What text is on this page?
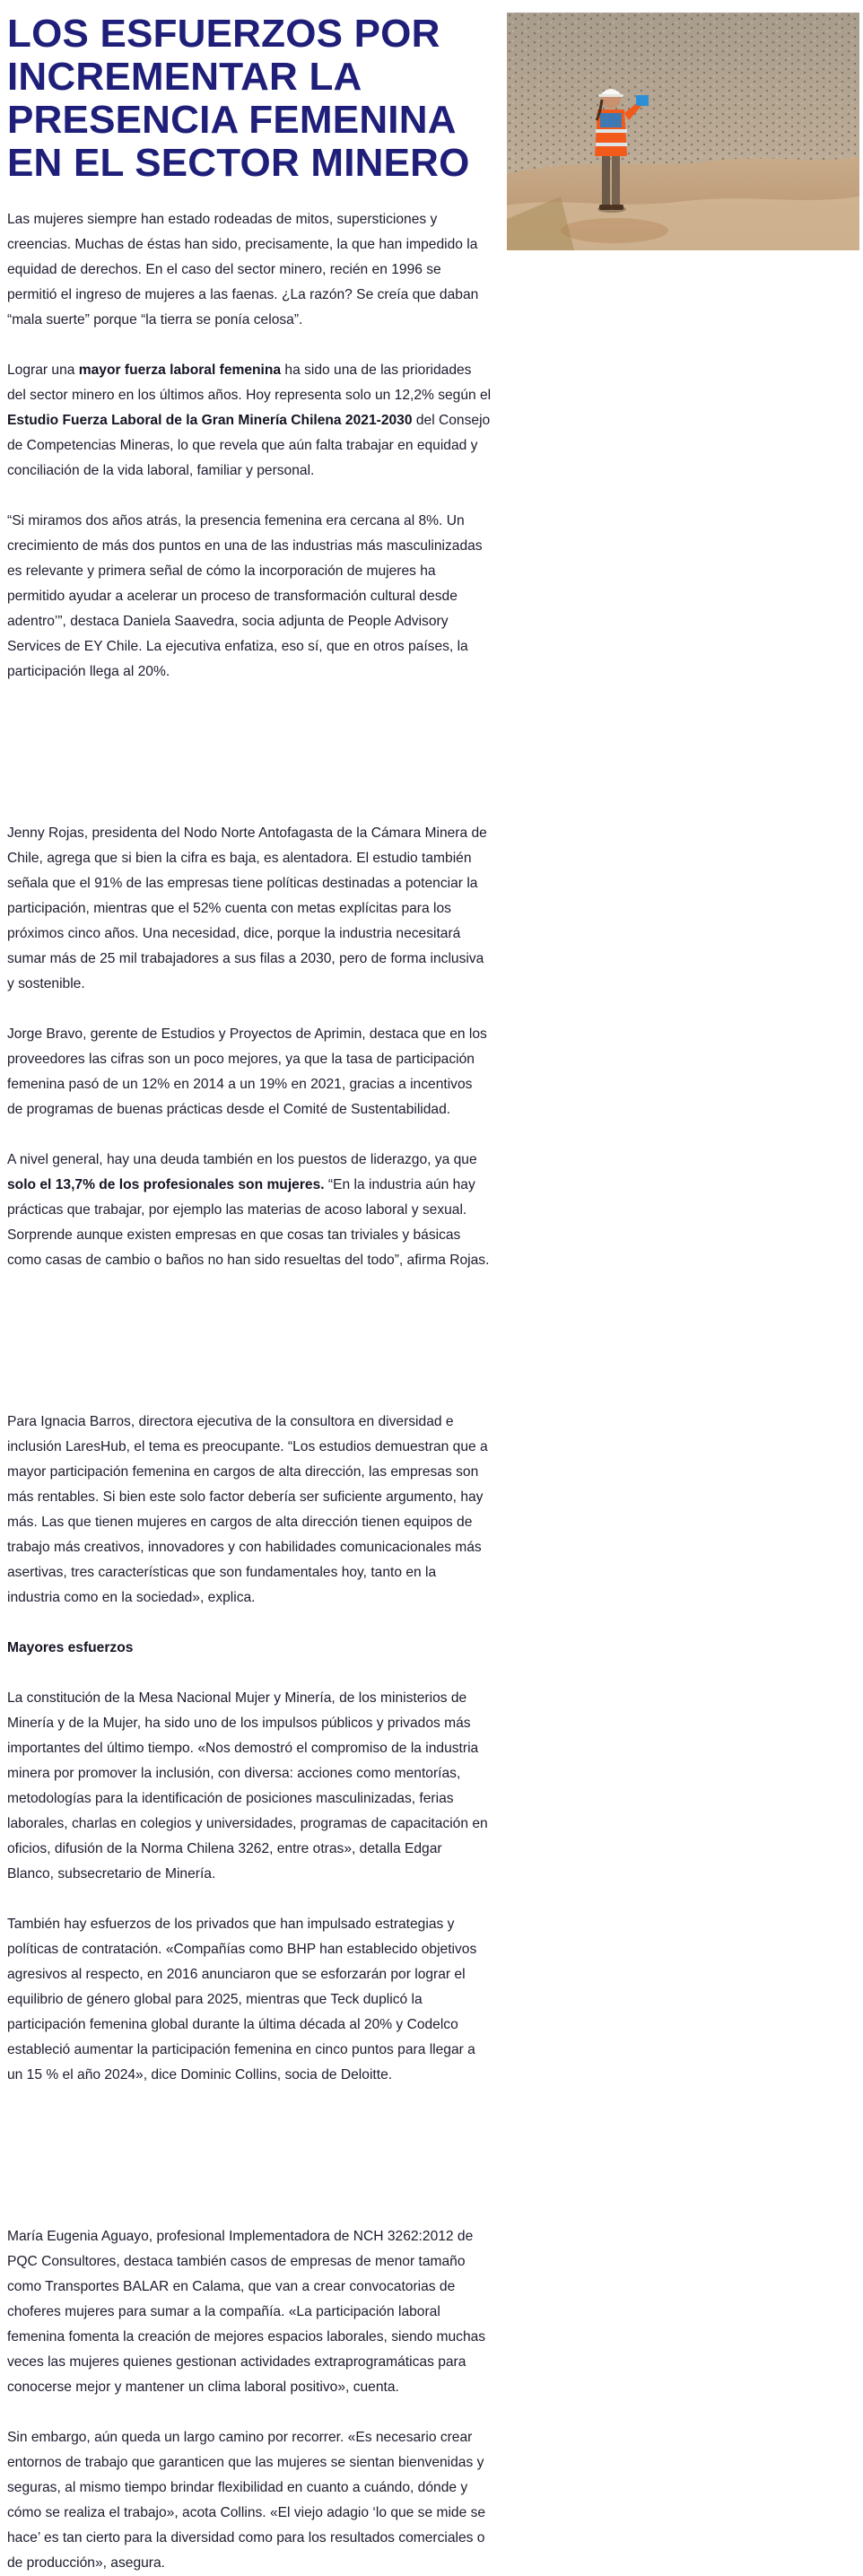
LOS ESFUERZOS POR INCREMENTAR LA PRESENCIA FEMENINA EN EL SECTOR MINERO

Las mujeres siempre han estado rodeadas de mitos, supersticiones y creencias. Muchas de éstas han sido, precisamente, la que han impedido la equidad de derechos. En el caso del sector minero, recién en 1996 se permitió el ingreso de mujeres a las faenas. ¿La razón? Se creía que daban “mala suerte” porque “la tierra se ponía celosa”.

Lograr una mayor fuerza laboral femenina ha sido una de las prioridades del sector minero en los últimos años. Hoy representa solo un 12,2% según el Estudio Fuerza Laboral de la Gran Minería Chilena 2021-2030 del Consejo de Competencias Mineras, lo que revela que aún falta trabajar en equidad y conciliación de la vida laboral, familiar y personal.

“Si miramos dos años atrás, la presencia femenina era cercana al 8%. Un crecimiento de más dos puntos en una de las industrias más masculinizadas es relevante y primera señal de cómo la incorporación de mujeres ha permitido ayudar a acelerar un proceso de transformación cultural desde adentro’”, destaca Daniela Saavedra, socia adjunta de People Advisory Services de EY Chile. La ejecutiva enfatiza, eso sí, que en otros países, la participación llega al 20%.

Jenny Rojas, presidenta del Nodo Norte Antofagasta de la Cámara Minera de Chile, agrega que si bien la cifra es baja, es alentadora. El estudio también señala que el 91% de las empresas tiene políticas destinadas a potenciar la participación, mientras que el 52% cuenta con metas explícitas para los próximos cinco años. Una necesidad, dice, porque la industria necesitará sumar más de 25 mil trabajadores a sus filas a 2030, pero de forma inclusiva y sostenible.

Jorge Bravo, gerente de Estudios y Proyectos de Aprimin, destaca que en los proveedores las cifras son un poco mejores, ya que la tasa de participación femenina pasó de un 12% en 2014 a un 19% en 2021, gracias a incentivos de programas de buenas prácticas desde el Comité de Sustentabilidad.

A nivel general, hay una deuda también en los puestos de liderazgo, ya que solo el 13,7% de los profesionales son mujeres. “En la industria aún hay prácticas que trabajar, por ejemplo las materias de acoso laboral y sexual. Sorprende aunque existen empresas en que cosas tan triviales y básicas como casas de cambio o baños no han sido resueltas del todo”, afirma Rojas.

Para Ignacia Barros, directora ejecutiva de la consultora en diversidad e inclusión LaresHub, el tema es preocupante. “Los estudios demuestran que a mayor participación femenina en cargos de alta dirección, las empresas son más rentables. Si bien este solo factor debería ser suficiente argumento, hay más. Las que tienen mujeres en cargos de alta dirección tienen equipos de trabajo más creativos, innovadores y con habilidades comunicacionales más asertivas, tres características que son fundamentales hoy, tanto en la industria como en la sociedad», explica.

Mayores esfuerzos

La constitución de la Mesa Nacional Mujer y Minería, de los ministerios de Minería y de la Mujer, ha sido uno de los impulsos públicos y privados más importantes del último tiempo. «Nos demostró el compromiso de la industria minera por promover la inclusión, con diversa: acciones como mentorías, metodologías para la identificación de posiciones masculinizadas, ferias laborales, charlas en colegios y universidades, programas de capacitación en oficios, difusión de la Norma Chilena 3262, entre otras», detalla Edgar Blanco, subsecretario de Minería.

También hay esfuerzos de los privados que han impulsado estrategias y políticas de contratación. «Compañías como BHP han establecido objetivos agresivos al respecto, en 2016 anunciaron que se esforzarán por lograr el equilibrio de género global para 2025, mientras que Teck duplicó la participación femenina global durante la última década al 20% y Codelco estableció aumentar la participación femenina en cinco puntos para llegar a un 15 % el año 2024», dice Dominic Collins, socia de Deloitte.

María Eugenia Aguayo, profesional Implementadora de NCH 3262:2012 de PQC Consultores, destaca también casos de empresas de menor tamaño como Transportes BALAR en Calama, que van a crear convocatorias de choferes mujeres para sumar a la compañía. «La participación laboral femenina fomenta la creación de mejores espacios laborales, siendo muchas veces las mujeres quienes gestionan actividades extraprogramáticas para conocerse mejor y mantener un clima laboral positivo», cuenta.

Sin embargo, aún queda un largo camino por recorrer. «Es necesario crear entornos de trabajo que garanticen que las mujeres se sientan bienvenidas y seguras, al mismo tiempo brindar flexibilidad en cuanto a cuándo, dónde y cómo se realiza el trabajo», acota Collins. «El viejo adagio ‘lo que se mide se hace’ es tan cierto para la diversidad como para los resultados comerciales o de producción», asegura.
